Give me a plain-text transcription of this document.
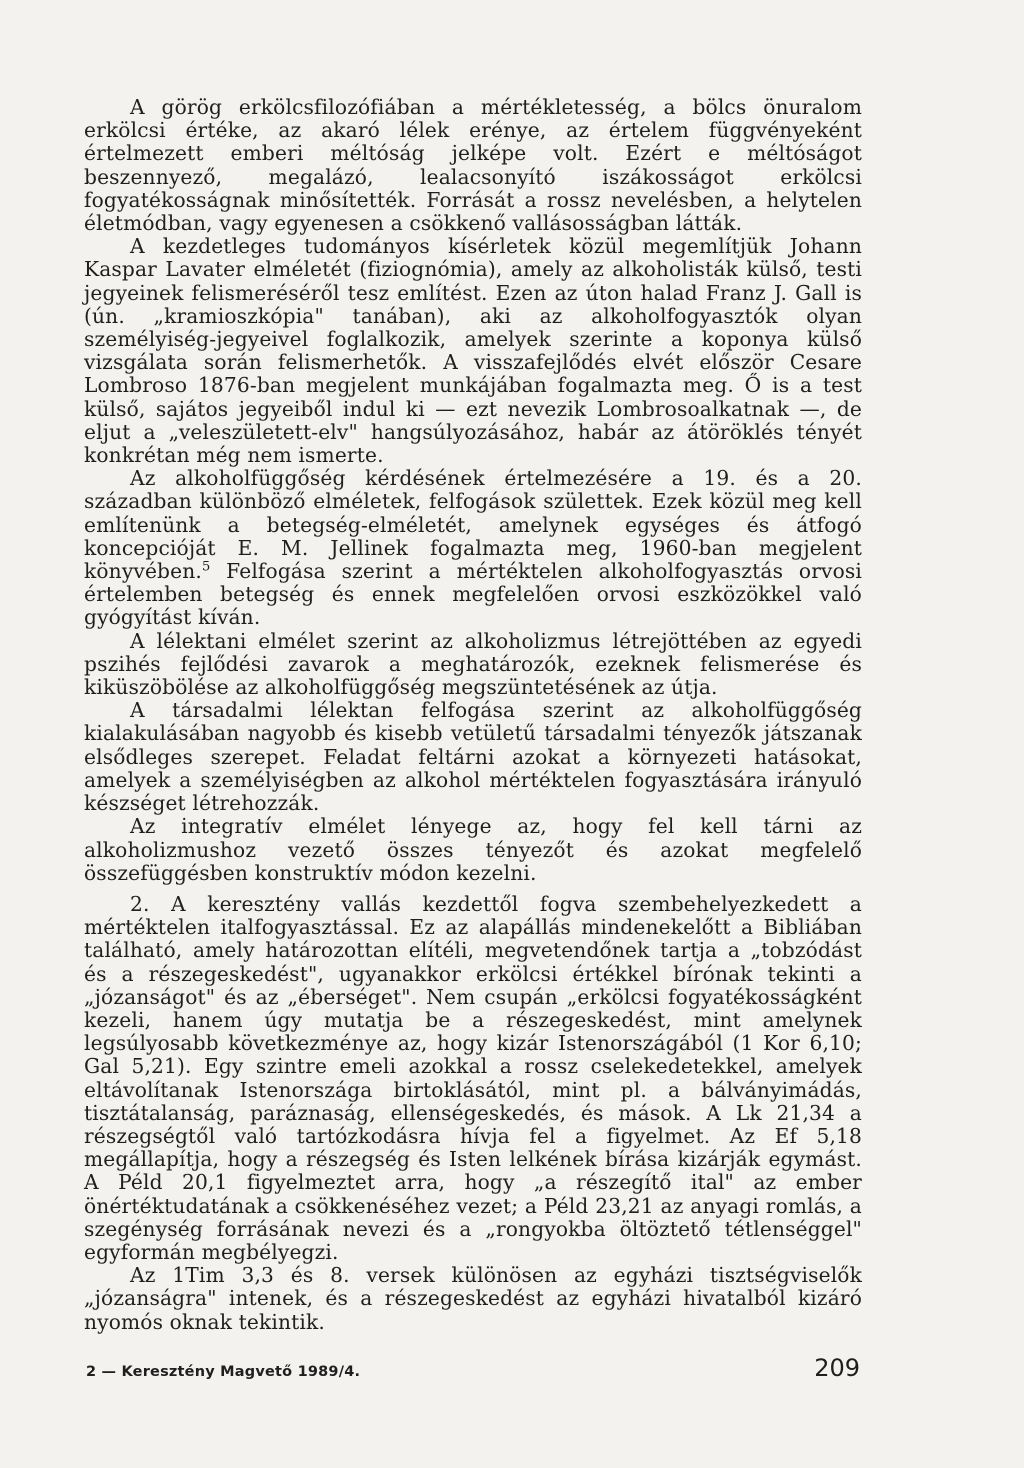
A görög erkölcsfilozófiában a mértékletesség, a bölcs önuralom erkölcsi értéke, az akaró lélek erénye, az értelem függvényeként értelmezett emberi méltóság jelképe volt. Ezért e méltóságot beszennyező, megalázó, lealacsonyító iszákosságot erkölcsi fogyatékosságnak minősítették. Forrását a rossz nevelésben, a helytelen életmódban, vagy egyenesen a csökkenő vallásosságban látták.

A kezdetleges tudományos kísérletek közül megemlítjük Johann Kaspar Lavater elméletét (fiziognómia), amely az alkoholisták külső, testi jegyeinek felismeréséről tesz említést. Ezen az úton halad Franz J. Gall is (ún. „kramioszkópia" tanában), aki az alkoholfogyasztók olyan személyiség-jegyeivel foglalkozik, amelyek szerinte a koponya külső vizsgálata során felismerhetők. A visszafejlődés elvét először Cesare Lombroso 1876-ban megjelent munkájában fogalmazta meg. Ő is a test külső, sajátos jegyeiből indul ki — ezt nevezik Lombrosoalkatnak —, de eljut a „veleszületett-elv" hangsúlyozásához, habár az átöröklés tényét konkrétan még nem ismerte.

Az alkoholfüggőség kérdésének értelmezésére a 19. és a 20. században különböző elméletek, felfogások születtek. Ezek közül meg kell említenünk a betegség-elméletét, amelynek egységes és átfogó koncepcióját E. M. Jellinek fogalmazta meg, 1960-ban megjelent könyvében.$^5$ Felfogása szerint a mértéktelen alkoholfogyasztás orvosi értelemben betegség és ennek megfelelően orvosi eszközökkel való gyógyítást kíván.

A lélektani elmélet szerint az alkoholizmus létrejöttében az egyedi pszihés fejlődési zavarok a meghatározók, ezeknek felismerése és kiküszöbölése az alkoholfüggőség megszüntetésének az útja.

A társadalmi lélektan felfogása szerint az alkoholfüggőség kialakulásában nagyobb és kisebb vetületű társadalmi tényezők játszanak elsődleges szerepet. Feladat feltárni azokat a környezeti hatásokat, amelyek a személyiségben az alkohol mértéktelen fogyasztására irányuló készséget létrehozzák.

Az integratív elmélet lényege az, hogy fel kell tárni az alkoholizmushoz vezető összes tényezőt és azokat megfelelő összefüggésben konstruktív módon kezelni.

2. A keresztény vallás kezdettől fogva szembehelyezkedett a mértéktelen italfogyasztással. Ez az alapállás mindenekelőtt a Bibliában található, amely határozottan elítéli, megvetendőnek tartja a „tobzódást és a részegeskedést", ugyanakkor erkölcsi értékkel bírónak tekinti a „józanságot" és az „éberséget". Nem csupán „erkölcsi fogyatékosságként kezeli, hanem úgy mutatja be a részegeskedést, mint amelynek legsúlyosabb következménye az, hogy kizár Istenországából (1 Kor 6,10; Gal 5,21). Egy szintre emeli azokkal a rossz cselekedetekkel, amelyek eltávolítanak Istenországa birtoklásától, mint pl. a bálványimádás, tisztátalanság, paráznaság, ellenségeskedés, és mások. A Lk 21,34 a részegségtől való tartózkodásra hívja fel a figyelmet. Az Ef 5,18 megállapítja, hogy a részegség és Isten lelkének bírása kizárják egymást. A Péld 20,1 figyelmeztet arra, hogy „a részegítő ital" az ember önértéktudatának a csökkenéséhez vezet; a Péld 23,21 az anyagi romlás, a szegénység forrásának nevezi és a „rongyokba öltöztető tétlenséggel" egyformán megbélyegzi.

Az 1Tim 3,3 és 8. versek különösen az egyházi tisztségviselők „józanságra" intenek, és a részegeskedést az egyházi hivatalból kizáró nyomós oknak tekintik.

2 — Keresztény Magvető 1989/4.	209
